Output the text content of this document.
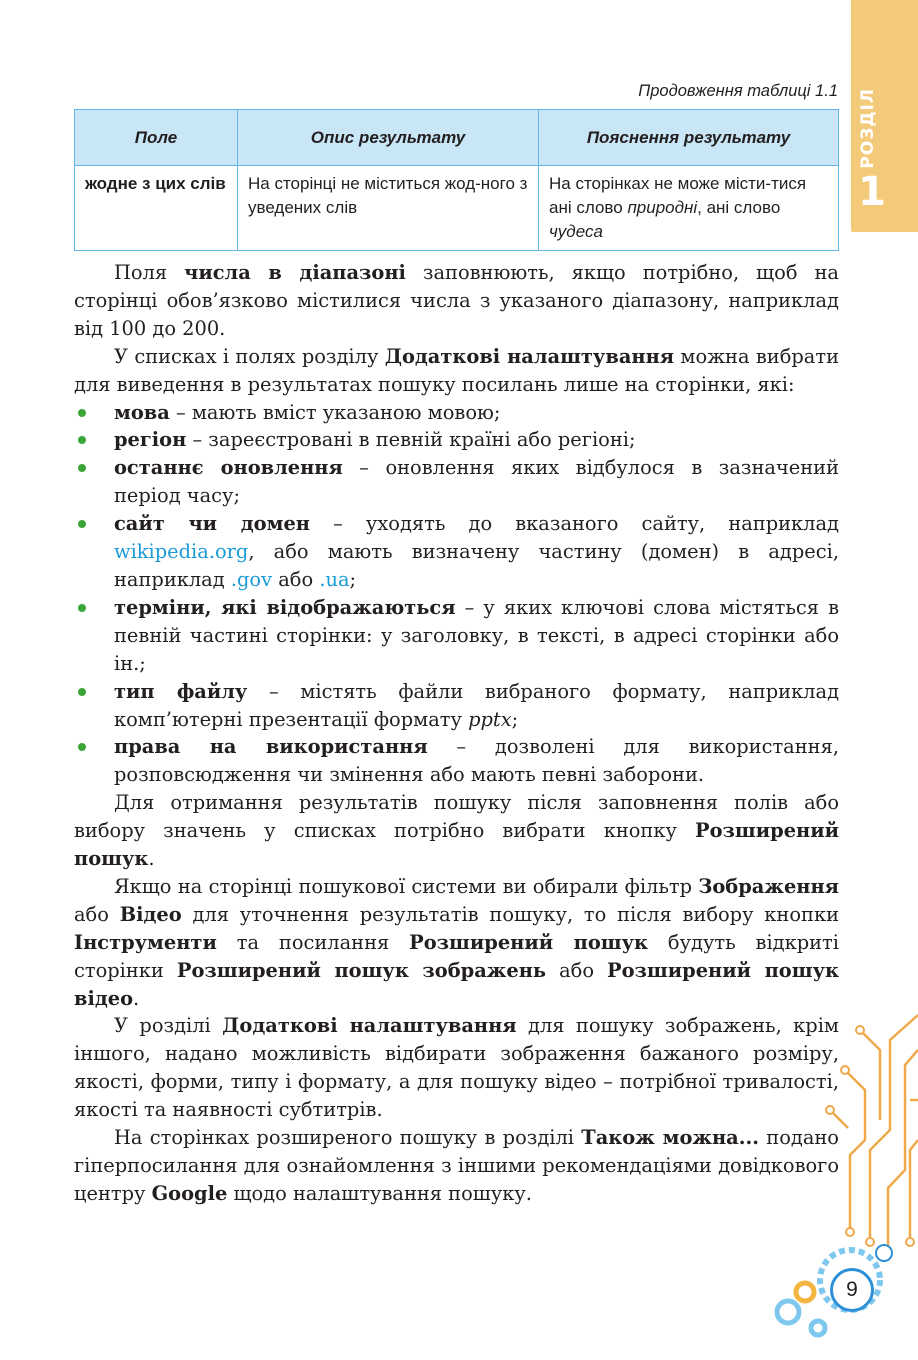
РОЗДІЛ
1
Продовження таблиці 1.1
Поле	Опис результату	Пояснення результату
жодне з цих слів	На сторінці не міститься жод-ного з уведених слів	На сторінках не може місти-тися ані слово природні, ані слово чудеса

Поля числа в діапазоні заповнюють, якщо потрібно, щоб на сторінці обов’язково містилися числа з указаного діапазону, наприклад від 100 до 200.

У списках і полях розділу Додаткові налаштування можна вибрати для виведення в результатах пошуку посилань лише на сторінки, які:

мова – мають вміст указаною мовою;
регіон – зареєстровані в певній країні або регіоні;
останнє оновлення – оновлення яких відбулося в зазначений період часу;
сайт чи домен – уходять до вказаного сайту, наприклад wikipedia.org, або мають визначену частину (домен) в адресі, наприклад .gov або .ua;
терміни, які відображаються – у яких ключові слова містяться в певній частині сторінки: у заголовку, в тексті, в адресі сторінки або ін.;
тип файлу – містять файли вибраного формату, наприклад комп’ютерні презентації формату pptx;
права на використання – дозволені для використання, розповсюдження чи змінення або мають певні заборони.

Для отримання результатів пошуку після заповнення полів або вибору значень у списках потрібно вибрати кнопку Розширений пошук.

Якщо на сторінці пошукової системи ви обирали фільтр Зображення або Відео для уточнення результатів пошуку, то після вибору кнопки Інструменти та посилання Розширений пошук будуть відкриті сторінки Розширений пошук зображень або Розширений пошук відео.

У розділі Додаткові налаштування для пошуку зображень, крім іншого, надано можливість відбирати зображення бажаного розміру, якості, форми, типу і формату, а для пошуку відео – потрібної тривалості, якості та наявності субтитрів.

На сторінках розширеного пошуку в розділі Також можна... подано гіперпосилання для ознайомлення з іншими рекомендаціями довідкового центру Google щодо налаштування пошуку.

9
